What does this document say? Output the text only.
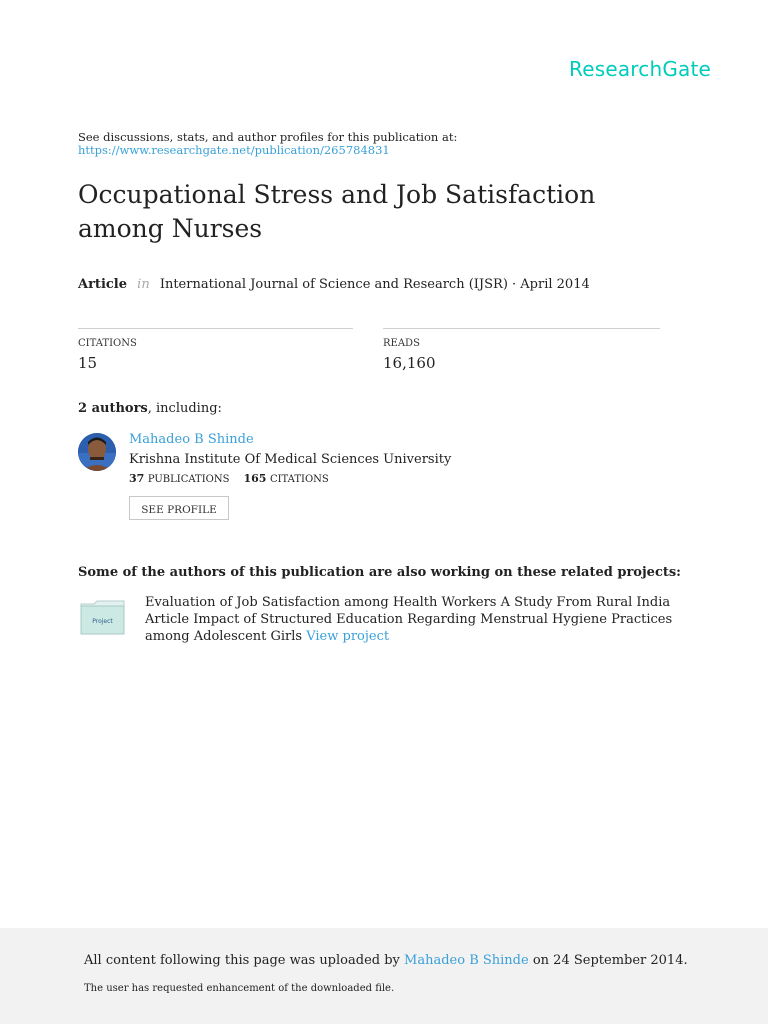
ResearchGate
See discussions, stats, and author profiles for this publication at:
https://www.researchgate.net/publication/265784831
Occupational Stress and Job Satisfaction among Nurses
Article in International Journal of Science and Research (IJSR) · April 2014
CITATIONS
15
READS
16,160
2 authors, including:
Mahadeo B Shinde
Krishna Institute Of Medical Sciences University
37 PUBLICATIONS 165 CITATIONS
SEE PROFILE
Some of the authors of this publication are also working on these related projects:
Project
Evaluation of Job Satisfaction among Health Workers A Study From Rural India Article Impact of Structured Education Regarding Menstrual Hygiene Practices among Adolescent Girls View project
All content following this page was uploaded by Mahadeo B Shinde on 24 September 2014.
The user has requested enhancement of the downloaded file.
